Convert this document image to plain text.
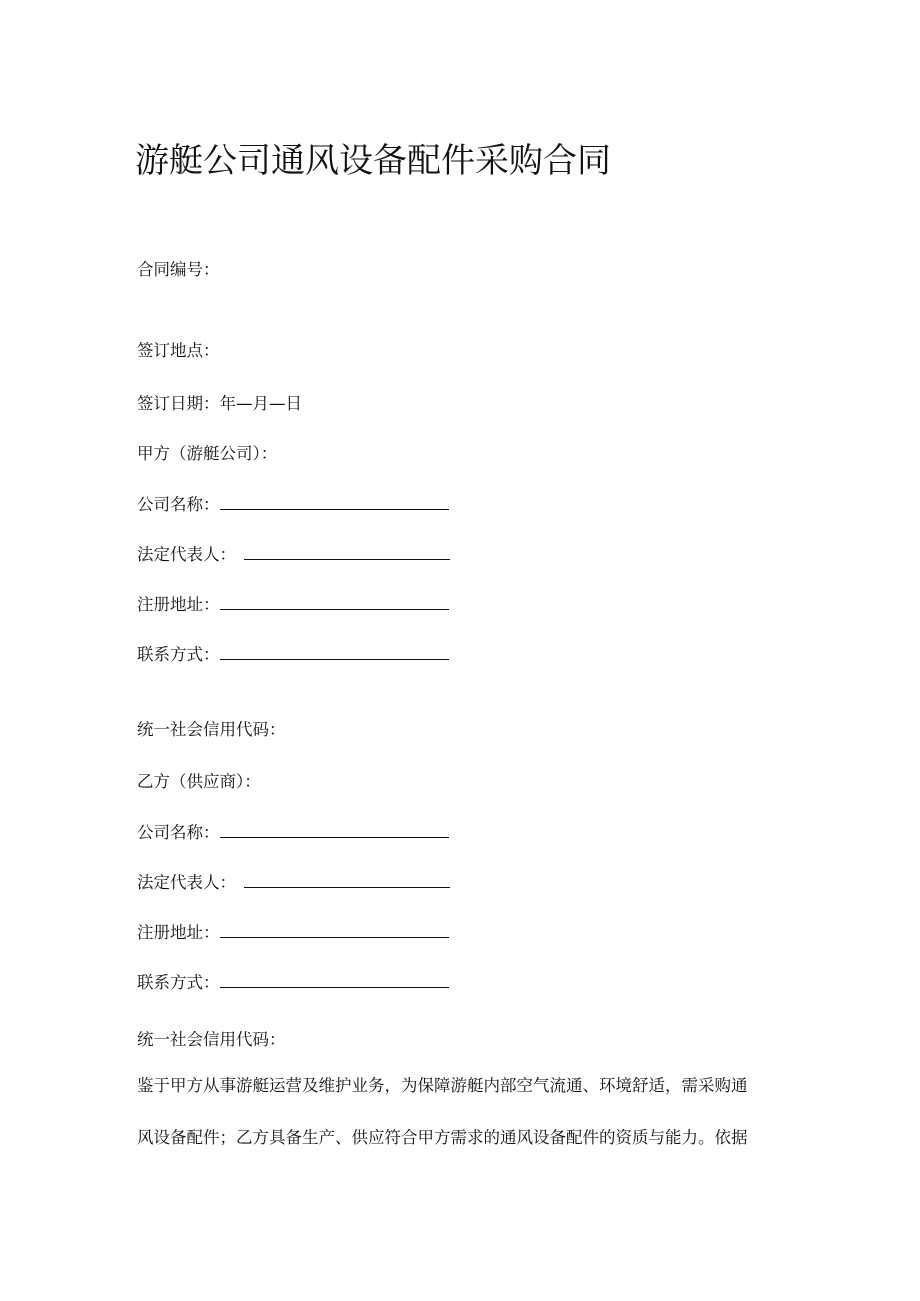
游艇公司通风设备配件采购合同
合同编号：
签订地点：
签订日期：年—月—日
甲方（游艇公司）：
公司名称：
法定代表人：
注册地址：
联系方式：
统一社会信用代码：
乙方（供应商）：
公司名称：
法定代表人：
注册地址：
联系方式：
统一社会信用代码：
鉴于甲方从事游艇运营及维护业务，为保障游艇内部空气流通、环境舒适，需采购通
风设备配件；乙方具备生产、供应符合甲方需求的通风设备配件的资质与能力。依据
